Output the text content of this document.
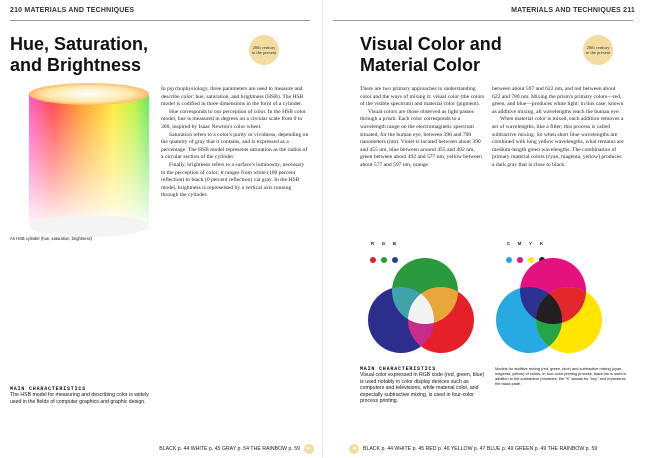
210 MATERIALS AND TECHNIQUES
Hue, Saturation,
and Brightness
20th century to the present
An HSB cylinder (hue, saturation, brightness)

In psychophysiology, three parameters are used to measure and describe color: hue, saturation, and brightness (HSB). The HSB model is codified in three dimensions in the form of a cylinder.

Hue corresponds to our perception of color. In the HSB color model, hue is measured in degrees on a circular scale from 0 to 360, inspired by Isaac Newton's color wheel.

Saturation refers to a color's purity or vividness, depending on the quantity of gray that it contains, and is expressed as a percentage. The HSB model represents saturation as the radius of a circular section of the cylinder.

Finally, brightness refers to a surface's luminosity, necessary to the perception of color; it ranges from white (100 percent reflection) to black (0 percent reflection) via gray. In the HSB model, brightness is represented by a vertical axis running through the cylinder.

MAIN CHARACTERISTICS
The HSB model for measuring and describing color is widely used in the fields of computer graphics and graphic design.
BLACK p. 44 WHITE p. 45 GRAY p. 54 THE RAINBOW p. 59	▸
MATERIALS AND TECHNIQUES 211
Visual Color and
Material Color
20th century to the present

There are two primary approaches to understanding color and the ways of mixing it: visual color (the colors of the visible spectrum) and material color (pigment).

Visual colors are those observed as light passes through a prism. Each color corresponds to a wavelength range on the electromagnetic spectrum situated, for the human eye, between 390 and 700 nanometers (nm). Violet is located between about 390 and 455 nm, blue between around 455 and 492 nm, green between about 492 and 577 nm, yellow between about 577 and 597 nm, orange

between about 597 and 622 nm, and red between about 622 and 780 nm. Mixing the prism's primary colors—red, green, and blue—produces white light: in this case, known as additive mixing, all wavelengths reach the human eye.

When material color is mixed, each addition removes a set of wavelengths, like a filter; this process is called subtractive mixing. So when short blue wavelengths are combined with long yellow wavelengths, what remains are medium-length green wavelengths. The combination of primary material colors (cyan, magenta, yellow) produces a dark gray that is close to black.

R G B	C M Y K
MAIN CHARACTERISTICS
Visual color expressed in RGB code (red, green, blue) is used notably in color display devices such as computers and televisions, while material color, and especially subtractive mixing, is used in four-color process printing.
Models for additive mixing (red, green, blue) and subtractive mixing (cyan, magenta, yellow) of colors. In four-color printing process, black ink is used in addition to the subtractive primaries; the "K" stands for "key" and represents the black plate.
◂	BLACK p. 44 WHITE p. 45 RED p. 46 YELLOW p. 47 BLUE p. 49 GREEN p. 49 THE RAINBOW p. 59
